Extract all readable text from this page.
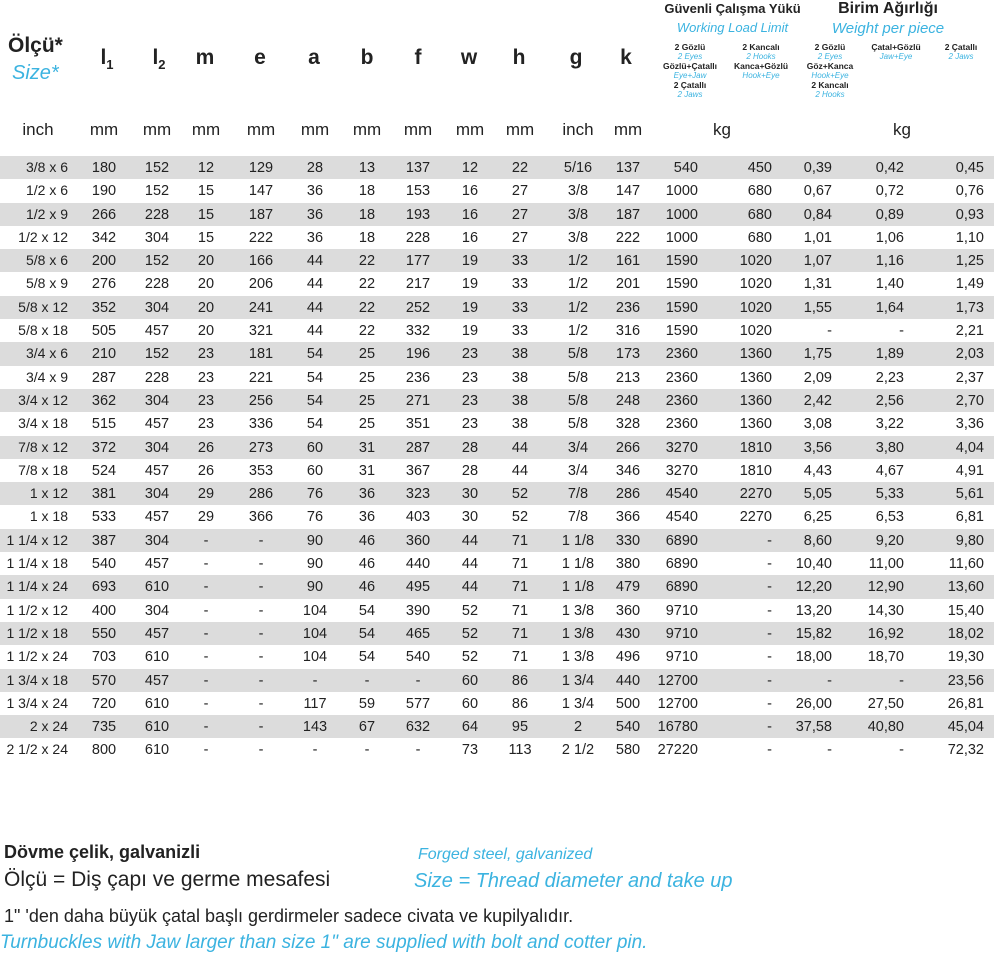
Ölçü*
Size*
$l_1$	$l_2$	m	e	a	b	f	w	h	g	k
Güvenli Çalışma Yükü
Working Load Limit
2 Gözlü
2 Eyes
Gözlü+Çatallı
Eye+Jaw
2 Çatallı
2 Jaws
2 Kancalı
2 Hooks
Kanca+Gözlü
Hook+Eye
Birim Ağırlığı
Weight per piece
2 Gözlü
2 Eyes
Göz+Kanca
Hook+Eye
2 Kancalı
2 Hooks
Çatal+Gözlü
Jaw+Eye
2 Çatallı
2 Jaws
inch	mm	mm	mm	mm	mm	mm	mm	mm	mm	inch	mm	kg	kg
3/8 x 6	180	152	12	129	28	13	137	12	22	5/16	137	540	450	0,39	0,42	0,45
1/2 x 6	190	152	15	147	36	18	153	16	27	3/8	147	1000	680	0,67	0,72	0,76
1/2 x 9	266	228	15	187	36	18	193	16	27	3/8	187	1000	680	0,84	0,89	0,93
1/2 x 12	342	304	15	222	36	18	228	16	27	3/8	222	1000	680	1,01	1,06	1,10
5/8 x 6	200	152	20	166	44	22	177	19	33	1/2	161	1590	1020	1,07	1,16	1,25
5/8 x 9	276	228	20	206	44	22	217	19	33	1/2	201	1590	1020	1,31	1,40	1,49
5/8 x 12	352	304	20	241	44	22	252	19	33	1/2	236	1590	1020	1,55	1,64	1,73
5/8 x 18	505	457	20	321	44	22	332	19	33	1/2	316	1590	1020	-	-	2,21
3/4 x 6	210	152	23	181	54	25	196	23	38	5/8	173	2360	1360	1,75	1,89	2,03
3/4 x 9	287	228	23	221	54	25	236	23	38	5/8	213	2360	1360	2,09	2,23	2,37
3/4 x 12	362	304	23	256	54	25	271	23	38	5/8	248	2360	1360	2,42	2,56	2,70
3/4 x 18	515	457	23	336	54	25	351	23	38	5/8	328	2360	1360	3,08	3,22	3,36
7/8 x 12	372	304	26	273	60	31	287	28	44	3/4	266	3270	1810	3,56	3,80	4,04
7/8 x 18	524	457	26	353	60	31	367	28	44	3/4	346	3270	1810	4,43	4,67	4,91
1 x 12	381	304	29	286	76	36	323	30	52	7/8	286	4540	2270	5,05	5,33	5,61
1 x 18	533	457	29	366	76	36	403	30	52	7/8	366	4540	2270	6,25	6,53	6,81
1 1/4 x 12	387	304	-	-	90	46	360	44	71	1 1/8	330	6890	-	8,60	9,20	9,80
1 1/4 x 18	540	457	-	-	90	46	440	44	71	1 1/8	380	6890	-	10,40	11,00	11,60
1 1/4 x 24	693	610	-	-	90	46	495	44	71	1 1/8	479	6890	-	12,20	12,90	13,60
1 1/2 x 12	400	304	-	-	104	54	390	52	71	1 3/8	360	9710	-	13,20	14,30	15,40
1 1/2 x 18	550	457	-	-	104	54	465	52	71	1 3/8	430	9710	-	15,82	16,92	18,02
1 1/2 x 24	703	610	-	-	104	54	540	52	71	1 3/8	496	9710	-	18,00	18,70	19,30
1 3/4 x 18	570	457	-	-	-	-	-	60	86	1 3/4	440	12700	-	-	-	23,56
1 3/4 x 24	720	610	-	-	117	59	577	60	86	1 3/4	500	12700	-	26,00	27,50	26,81
2 x 24	735	610	-	-	143	67	632	64	95	2	540	16780	-	37,58	40,80	45,04
2 1/2 x 24	800	610	-	-	-	-	-	73	113	2 1/2	580	27220	-	-	-	72,32
Dövme çelik, galvanizli	Forged steel, galvanized
Ölçü = Diş çapı ve germe mesafesi	Size = Thread diameter and take up
1" 'den daha büyük çatal başlı gerdirmeler sadece civata ve kupilyalıdır.
Turnbuckles with Jaw larger than size 1" are supplied with bolt and cotter pin.
